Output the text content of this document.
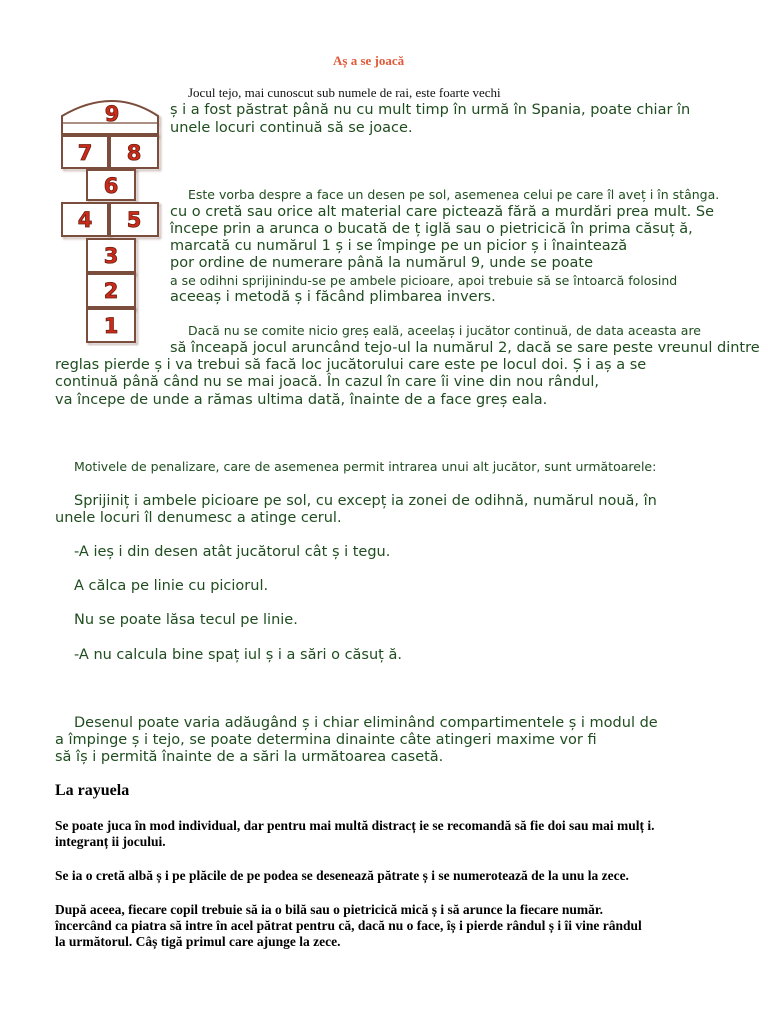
Aș a se joacă
9
7 8
6
4 5
3
2
1
Jocul tejo, mai cunoscut sub numele de rai, este foarte vechi
ș i a fost păstrat până nu cu mult timp în urmă în Spania, poate chiar în
unele locuri continuă să se joace.
Este vorba despre a face un desen pe sol, asemenea celui pe care îl aveț i în stânga.
cu o cretă sau orice alt material care pictează fără a murdări prea mult. Se
începe prin a arunca o bucată de ț iglă sau o pietricică în prima căsuț ă,
marcată cu numărul 1 ș i se împinge pe un picior ș i înaintează
por ordine de numerare până la numărul 9, unde se poate
a se odihni sprijinindu-se pe ambele picioare, apoi trebuie să se întoarcă folosind
aceeaș i metodă ș i făcând plimbarea invers.
Dacă nu se comite nicio greș eală, aceelaș i jucător continuă, de data aceasta are
să înceapă jocul aruncând tejo-ul la numărul 2, dacă se sare peste vreunul dintre
reglas pierde ș i va trebui să facă loc jucătorului care este pe locul doi. Ș i aș a se
continuă până când nu se mai joacă. În cazul în care îi vine din nou rândul,
va începe de unde a rămas ultima dată, înainte de a face greș eala.
Motivele de penalizare, care de asemenea permit intrarea unui alt jucător, sunt următoarele:
Sprijiniț i ambele picioare pe sol, cu excepț ia zonei de odihnă, numărul nouă, în
unele locuri îl denumesc a atinge cerul.
-A ieș i din desen atât jucătorul cât ș i tegu.
A călca pe linie cu piciorul.
Nu se poate lăsa tecul pe linie.
-A nu calcula bine spaț iul ș i a sări o căsuț ă.
Desenul poate varia adăugând ș i chiar eliminând compartimentele ș i modul de
a împinge ș i tejo, se poate determina dinainte câte atingeri maxime vor fi
să îș i permită înainte de a sări la următoarea casetă.
La rayuela
Se poate juca în mod individual, dar pentru mai multă distracț ie se recomandă să fie doi sau mai mulț i.
integranț ii jocului.
Se ia o cretă albă ș i pe plăcile de pe podea se desenează pătrate ș i se numerotează de la unu la zece.
După aceea, fiecare copil trebuie să ia o bilă sau o pietricică mică ș i să arunce la fiecare număr.
încercând ca piatra să intre în acel pătrat pentru că, dacă nu o face, îș i pierde rândul ș i îi vine rândul
la următorul. Câș tigă primul care ajunge la zece.
